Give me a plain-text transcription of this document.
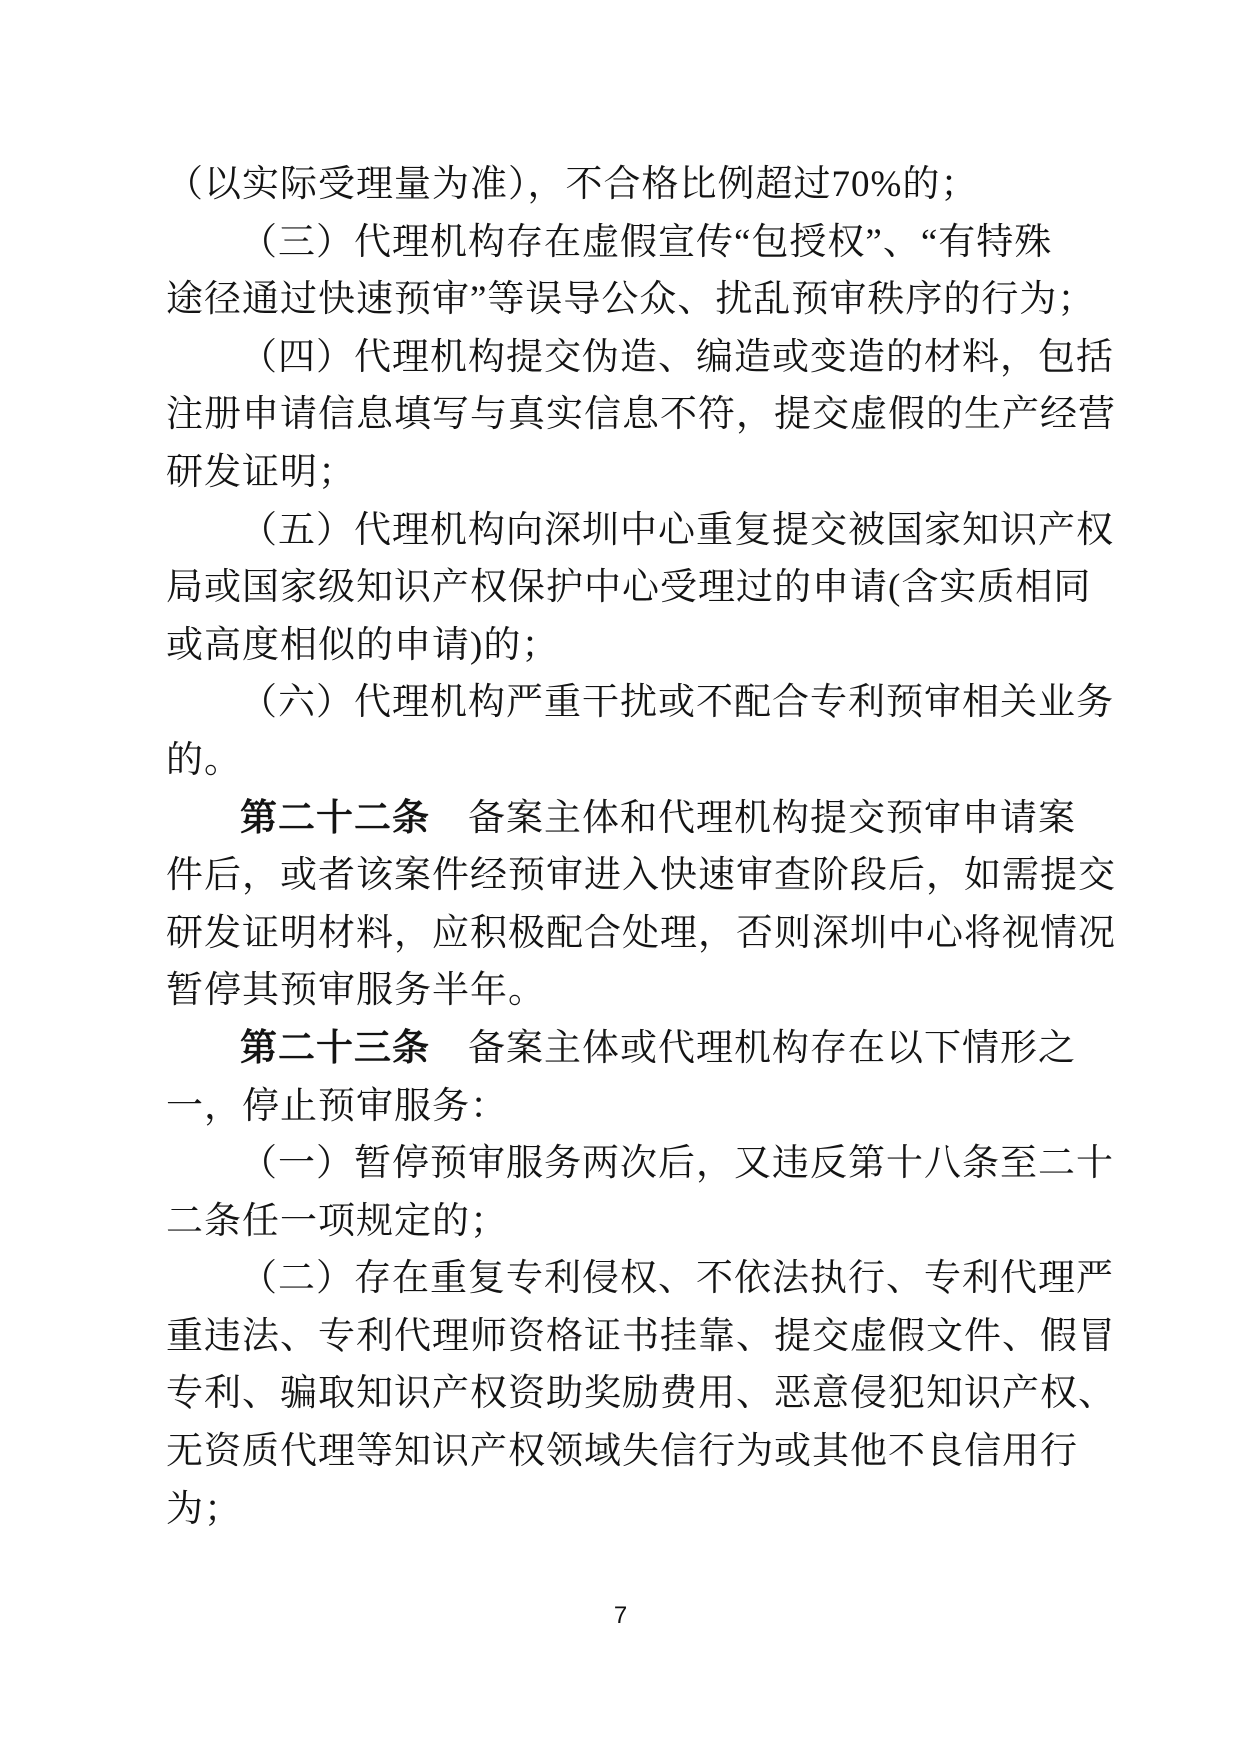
（以实际受理量为准），不合格比例超过70%的；
（三）代理机构存在虚假宣传“包授权”、“有特殊
途径通过快速预审”等误导公众、扰乱预审秩序的行为；
（四）代理机构提交伪造、编造或变造的材料，包括
注册申请信息填写与真实信息不符，提交虚假的生产经营
研发证明；
（五）代理机构向深圳中心重复提交被国家知识产权
局或国家级知识产权保护中心受理过的申请(含实质相同
或高度相似的申请)的；
（六）代理机构严重干扰或不配合专利预审相关业务
的。
第二十二条　备案主体和代理机构提交预审申请案
件后，或者该案件经预审进入快速审查阶段后，如需提交
研发证明材料，应积极配合处理，否则深圳中心将视情况
暂停其预审服务半年。
第二十三条　备案主体或代理机构存在以下情形之
一，停止预审服务：
（一）暂停预审服务两次后，又违反第十八条至二十
二条任一项规定的；
（二）存在重复专利侵权、不依法执行、专利代理严
重违法、专利代理师资格证书挂靠、提交虚假文件、假冒
专利、骗取知识产权资助奖励费用、恶意侵犯知识产权、
无资质代理等知识产权领域失信行为或其他不良信用行
为；
7
